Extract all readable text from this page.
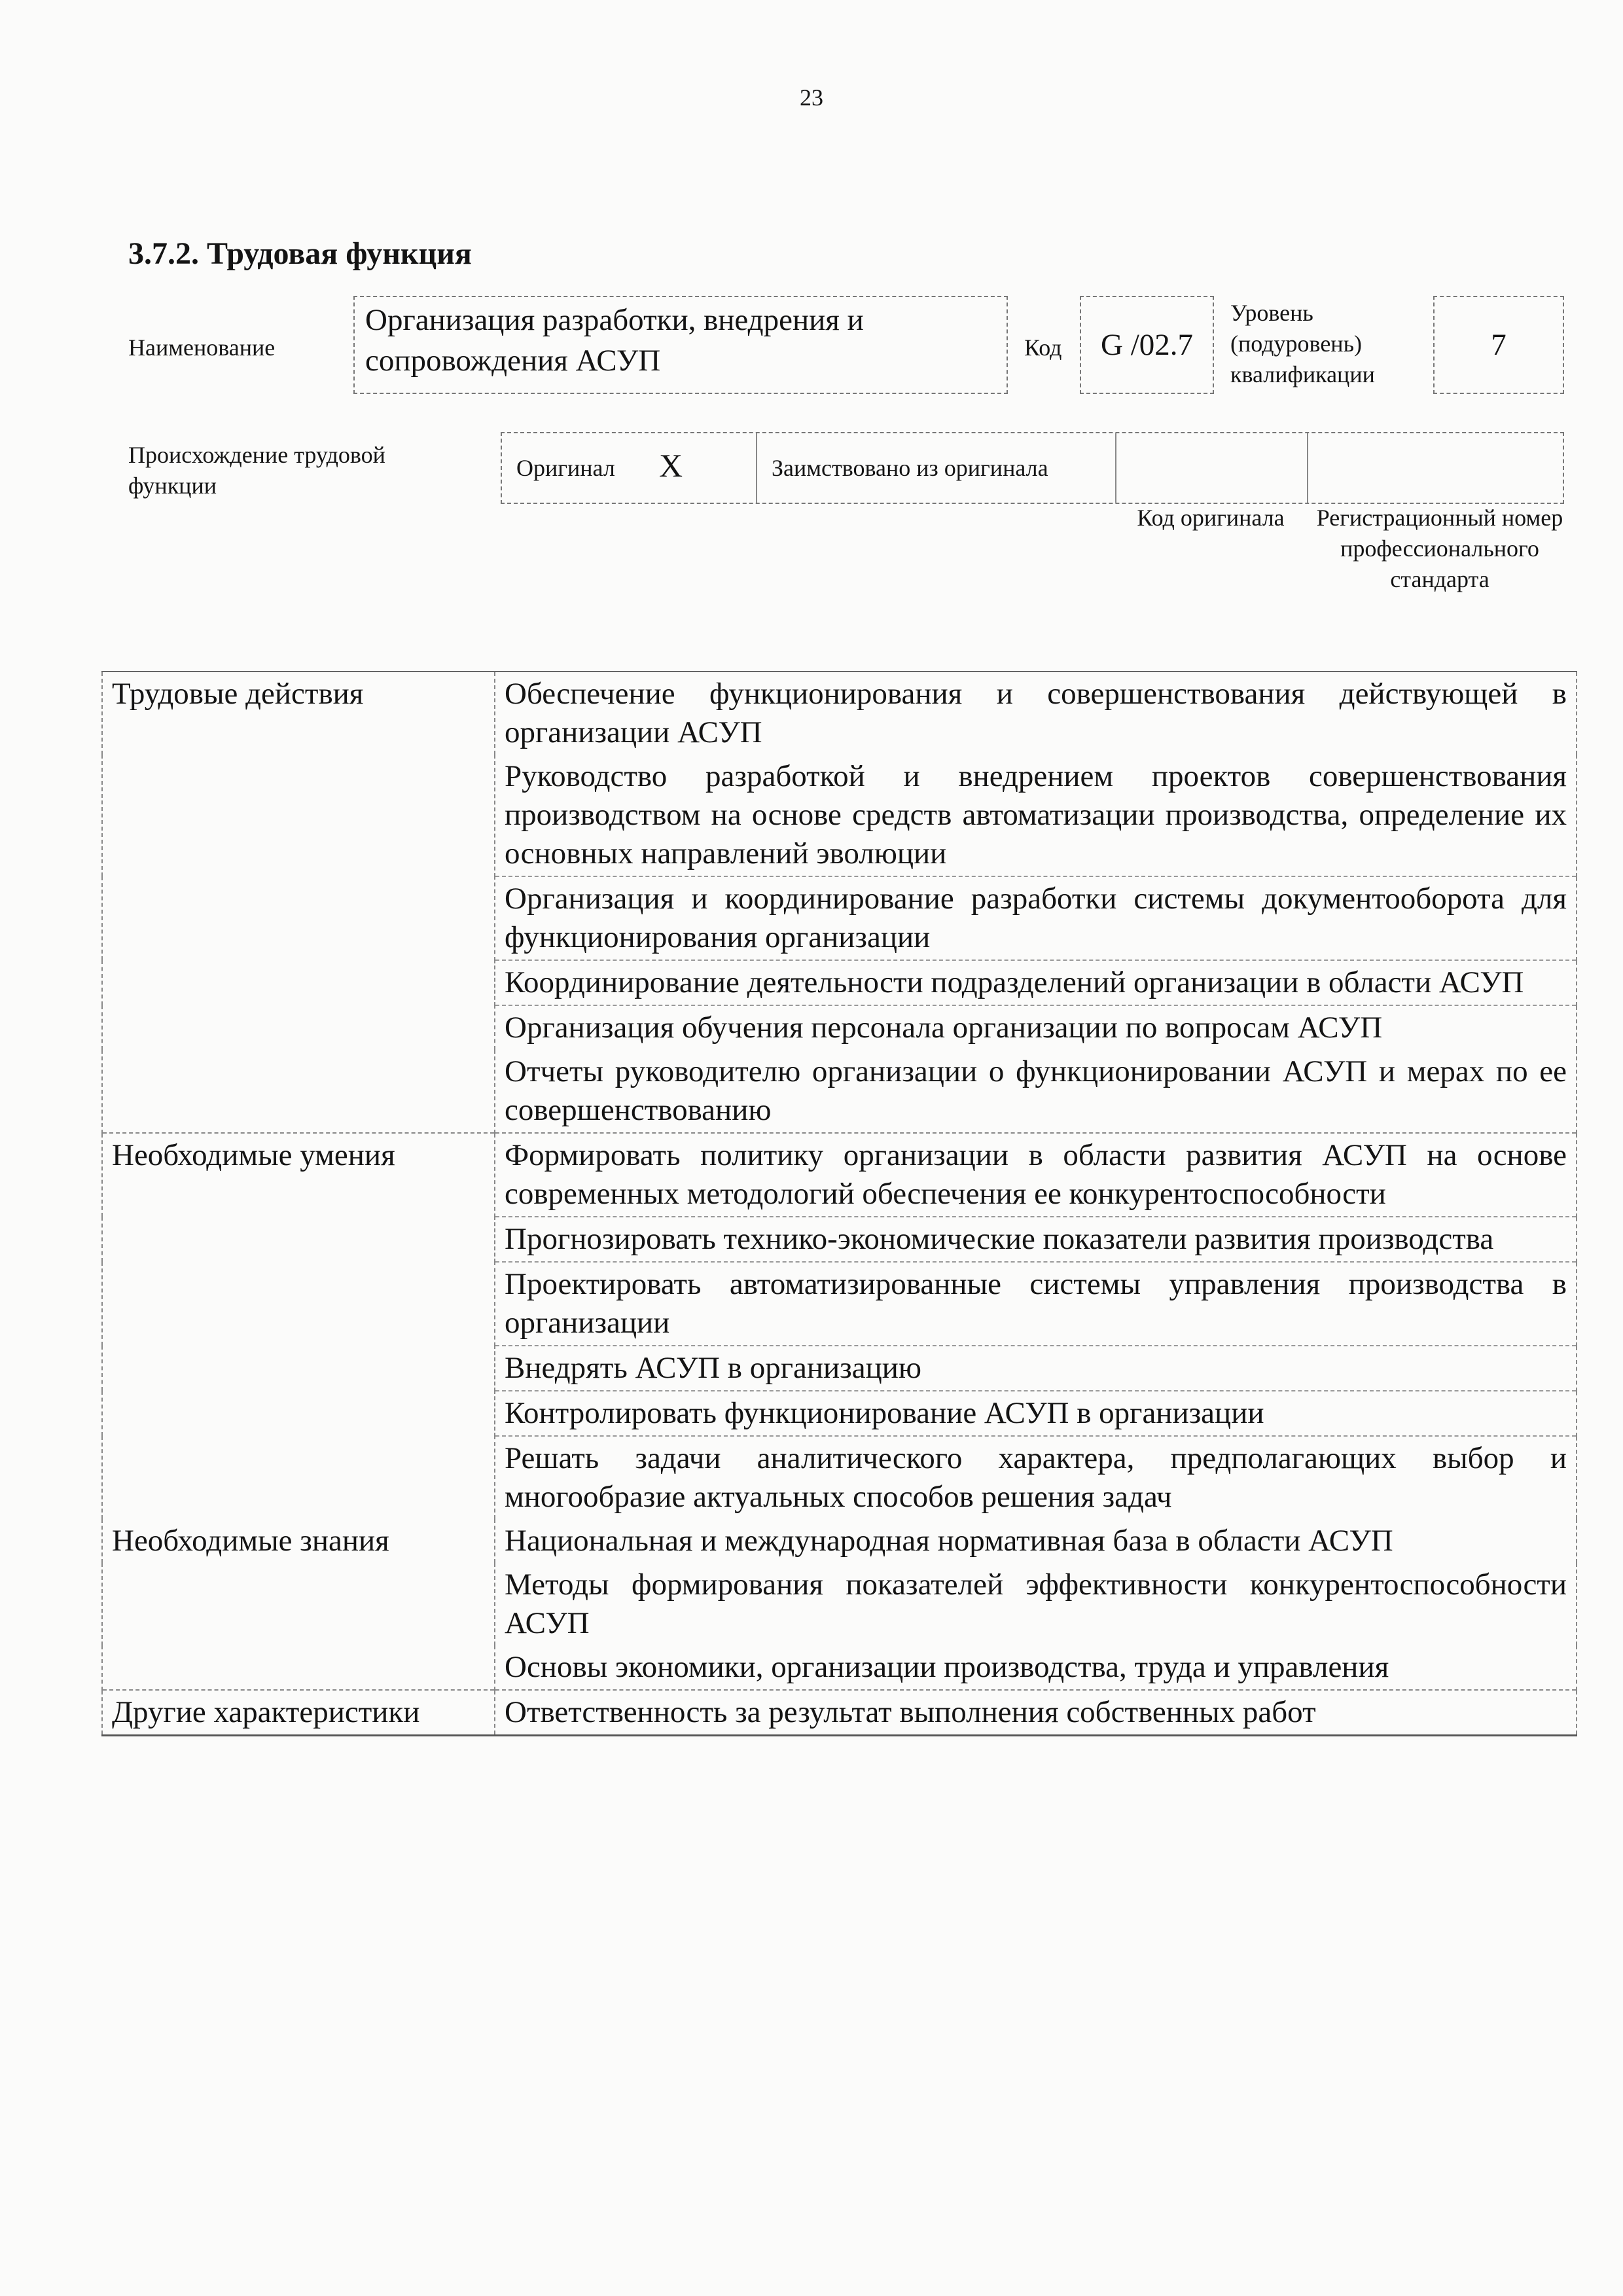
23
3.7.2. Трудовая функция
Наименование
Организация разработки, внедрения и сопровождения АСУП	Код G /02.7
Уровень (подуровень) квалификации
7
Происхождение трудовой функции
Оригинал X	Заимствовано из оригинала
Код оригинала	Регистрационный номер профессионального стандарта
Трудовые действия	Обеспечение функционирования и совершенствования действующей в организации АСУП
	Руководство разработкой и внедрением проектов совершенствования производством на основе средств автоматизации производства, определение их основных направлений эволюции
	Организация и координирование разработки системы документооборота для функционирования организации
	Координирование деятельности подразделений организации в области АСУП
	Организация обучения персонала организации по вопросам АСУП
	Отчеты руководителю организации о функционировании АСУП и мерах по ее совершенствованию
Необходимые умения	Формировать политику организации в области развития АСУП на основе современных методологий обеспечения ее конкурентоспособности
	Прогнозировать технико-экономические показатели развития производства
	Проектировать автоматизированные системы управления производства в организации
	Внедрять АСУП в организацию
	Контролировать функционирование АСУП в организации
	Решать задачи аналитического характера, предполагающих выбор и многообразие актуальных способов решения задач
Необходимые знания	Национальная и международная нормативная база в области АСУП
	Методы формирования показателей эффективности конкурентоспособности АСУП
	Основы экономики, организации производства, труда и управления
Другие характеристики	Ответственность за результат выполнения собственных работ
